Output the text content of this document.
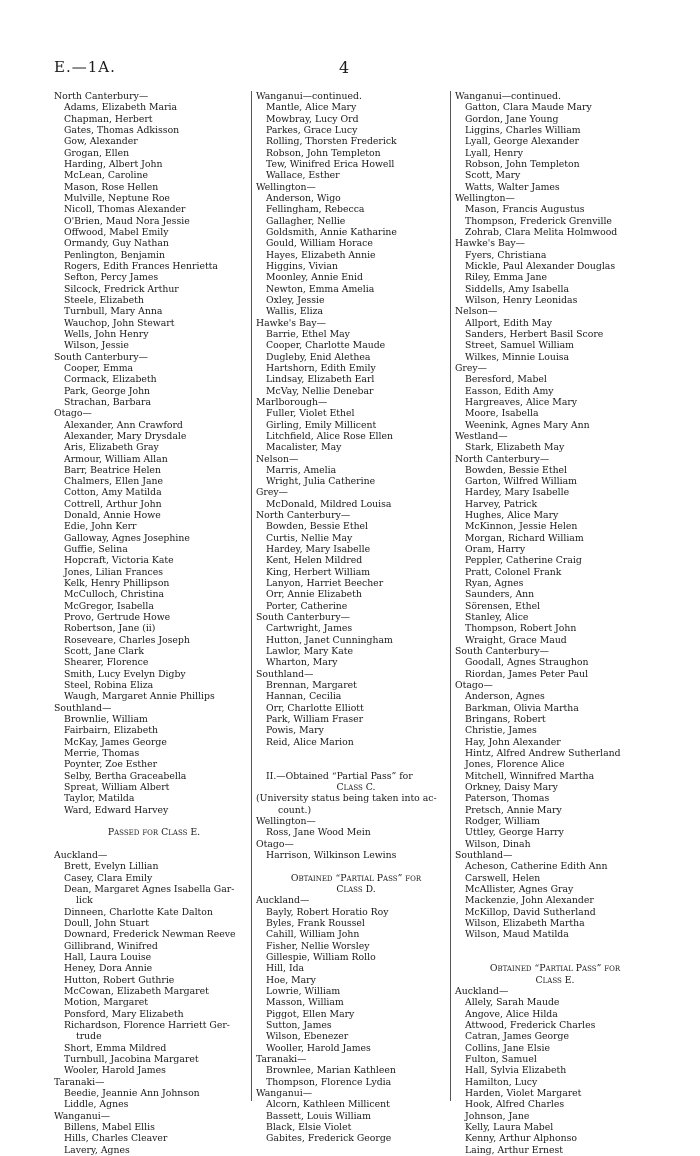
E.—1A.	4
North Canterbury—
Adams, Elizabeth Maria
Chapman, Herbert
Gates, Thomas Adkisson
Gow, Alexander
Grogan, Ellen
Harding, Albert John
McLean, Caroline
Mason, Rose Hellen
Mulville, Neptune Roe
Nicoll, Thomas Alexander
O'Brien, Maud Nora Jessie
Offwood, Mabel Emily
Ormandy, Guy Nathan
Penlington, Benjamin
Rogers, Edith Frances Henrietta
Sefton, Percy James
Silcock, Fredrick Arthur
Steele, Elizabeth
Turnbull, Mary Anna
Wauchop, John Stewart
Wells, John Henry
Wilson, Jessie
South Canterbury—
Cooper, Emma
Cormack, Elizabeth
Park, George John
Strachan, Barbara
Otago—
Alexander, Ann Crawford
Alexander, Mary Drysdale
Aris, Elizabeth Gray
Armour, William Allan
Barr, Beatrice Helen
Chalmers, Ellen Jane
Cotton, Amy Matilda
Cottrell, Arthur John
Donald, Annie Howe
Edie, John Kerr
Galloway, Agnes Josephine
Guffie, Selina
Hopcraft, Victoria Kate
Jones, Lilian Frances
Kelk, Henry Phillipson
McCulloch, Christina
McGregor, Isabella
Provo, Gertrude Howe
Robertson, Jane (ii)
Roseveare, Charles Joseph
Scott, Jane Clark
Shearer, Florence
Smith, Lucy Evelyn Digby
Steel, Robina Eliza
Waugh, Margaret Annie Phillips
Southland—
Brownlie, William
Fairbairn, Elizabeth
McKay, James George
Merrie, Thomas
Poynter, Zoe Esther
Selby, Bertha Graceabella
Spreat, William Albert
Taylor, Matilda
Ward, Edward Harvey
Passed for Class E.
Auckland—
Brett, Evelyn Lillian
Casey, Clara Emily
Dean, Margaret Agnes Isabella Gar-
lick
Dinneen, Charlotte Kate Dalton
Doull, John Stuart
Downard, Frederick Newman Reeve
Gillibrand, Winifred
Hall, Laura Louise
Heney, Dora Annie
Hutton, Robert Guthrie
McCowan, Elizabeth Margaret
Motion, Margaret
Ponsford, Mary Elizabeth
Richardson, Florence Harriett Ger-
trude
Short, Emma Mildred
Turnbull, Jacobina Margaret
Wooler, Harold James
Taranaki—
Beedie, Jeannie Ann Johnson
Liddle, Agnes
Wanganui—
Billens, Mabel Ellis
Hills, Charles Cleaver
Lavery, Agnes
Wanganui—continued.
Mantle, Alice Mary
Mowbray, Lucy Ord
Parkes, Grace Lucy
Rolling, Thorsten Frederick
Robson, John Templeton
Tew, Winifred Erica Howell
Wallace, Esther
Wellington—
Anderson, Wigo
Fellingham, Rebecca
Gallagher, Nellie
Goldsmith, Annie Katharine
Gould, William Horace
Hayes, Elizabeth Annie
Higgins, Vivian
Moonley, Annie Enid
Newton, Emma Amelia
Oxley, Jessie
Wallis, Eliza
Hawke's Bay—
Barrie, Ethel May
Cooper, Charlotte Maude
Dugleby, Enid Alethea
Hartshorn, Edith Emily
Lindsay, Elizabeth Earl
McVay, Nellie Denebar
Marlborough—
Fuller, Violet Ethel
Girling, Emily Millicent
Litchfield, Alice Rose Ellen
Macalister, May
Nelson—
Marris, Amelia
Wright, Julia Catherine
Grey—
McDonald, Mildred Louisa
North Canterbury—
Bowden, Bessie Ethel
Curtis, Nellie May
Hardey, Mary Isabelle
Kent, Helen Mildred
King, Herbert William
Lanyon, Harriet Beecher
Orr, Annie Elizabeth
Porter, Catherine
South Canterbury—
Cartwright, James
Hutton, Janet Cunningham
Lawlor, Mary Kate
Wharton, Mary
Southland—
Brennan, Margaret
Hannan, Cecilia
Orr, Charlotte Elliott
Park, William Fraser
Powis, Mary
Reid, Alice Marion
II.—Obtained “Partial Pass” for
Class C.
(University status being taken into ac-
count.)
Wellington—
Ross, Jane Wood Mein
Otago—
Harrison, Wilkinson Lewins
Obtained “Partial Pass” for
Class D.
Auckland—
Bayly, Robert Horatio Roy
Byles, Frank Roussel
Cahill, William John
Fisher, Nellie Worsley
Gillespie, William Rollo
Hill, Ida
Hoe, Mary
Lowrie, William
Masson, William
Piggot, Ellen Mary
Sutton, James
Wilson, Ebenezer
Wooller, Harold James
Taranaki—
Brownlee, Marian Kathleen
Thompson, Florence Lydia
Wanganui—
Alcorn, Kathleen Millicent
Bassett, Louis William
Black, Elsie Violet
Gabites, Frederick George
Wanganui—continued.
Gatton, Clara Maude Mary
Gordon, Jane Young
Liggins, Charles William
Lyall, George Alexander
Lyall, Henry
Robson, John Templeton
Scott, Mary
Watts, Walter James
Wellington—
Mason, Francis Augustus
Thompson, Frederick Grenville
Zohrab, Clara Melita Holmwood
Hawke's Bay—
Fyers, Christiana
Mickle, Paul Alexander Douglas
Riley, Emma Jane
Siddells, Amy Isabella
Wilson, Henry Leonidas
Nelson—
Allport, Edith May
Sanders, Herbert Basil Score
Street, Samuel William
Wilkes, Minnie Louisa
Grey—
Beresford, Mabel
Easson, Edith Amy
Hargreaves, Alice Mary
Moore, Isabella
Weenink, Agnes Mary Ann
Westland—
Stark, Elizabeth May
North Canterbury—
Bowden, Bessie Ethel
Garton, Wilfred William
Hardey, Mary Isabelle
Harvey, Patrick
Hughes, Alice Mary
McKinnon, Jessie Helen
Morgan, Richard William
Oram, Harry
Peppler, Catherine Craig
Pratt, Colonel Frank
Ryan, Agnes
Saunders, Ann
Sörensen, Ethel
Stanley, Alice
Thompson, Robert John
Wraight, Grace Maud
South Canterbury—
Goodall, Agnes Straughon
Riordan, James Peter Paul
Otago—
Anderson, Agnes
Barkman, Olivia Martha
Bringans, Robert
Christie, James
Hay, John Alexander
Hintz, Alfred Andrew Sutherland
Jones, Florence Alice
Mitchell, Winnifred Martha
Orkney, Daisy Mary
Paterson, Thomas
Pretsch, Annie Mary
Rodger, William
Uttley, George Harry
Wilson, Dinah
Southland—
Acheson, Catherine Edith Ann
Carswell, Helen
McAllister, Agnes Gray
Mackenzie, John Alexander
McKillop, David Sutherland
Wilson, Elizabeth Martha
Wilson, Maud Matilda
Obtained “Partial Pass” for
Class E.
Auckland—
Allely, Sarah Maude
Angove, Alice Hilda
Attwood, Frederick Charles
Catran, James George
Collins, Jane Elsie
Fulton, Samuel
Hall, Sylvia Elizabeth
Hamilton, Lucy
Harden, Violet Margaret
Hook, Alfred Charles
Johnson, Jane
Kelly, Laura Mabel
Kenny, Arthur Alphonso
Laing, Arthur Ernest
